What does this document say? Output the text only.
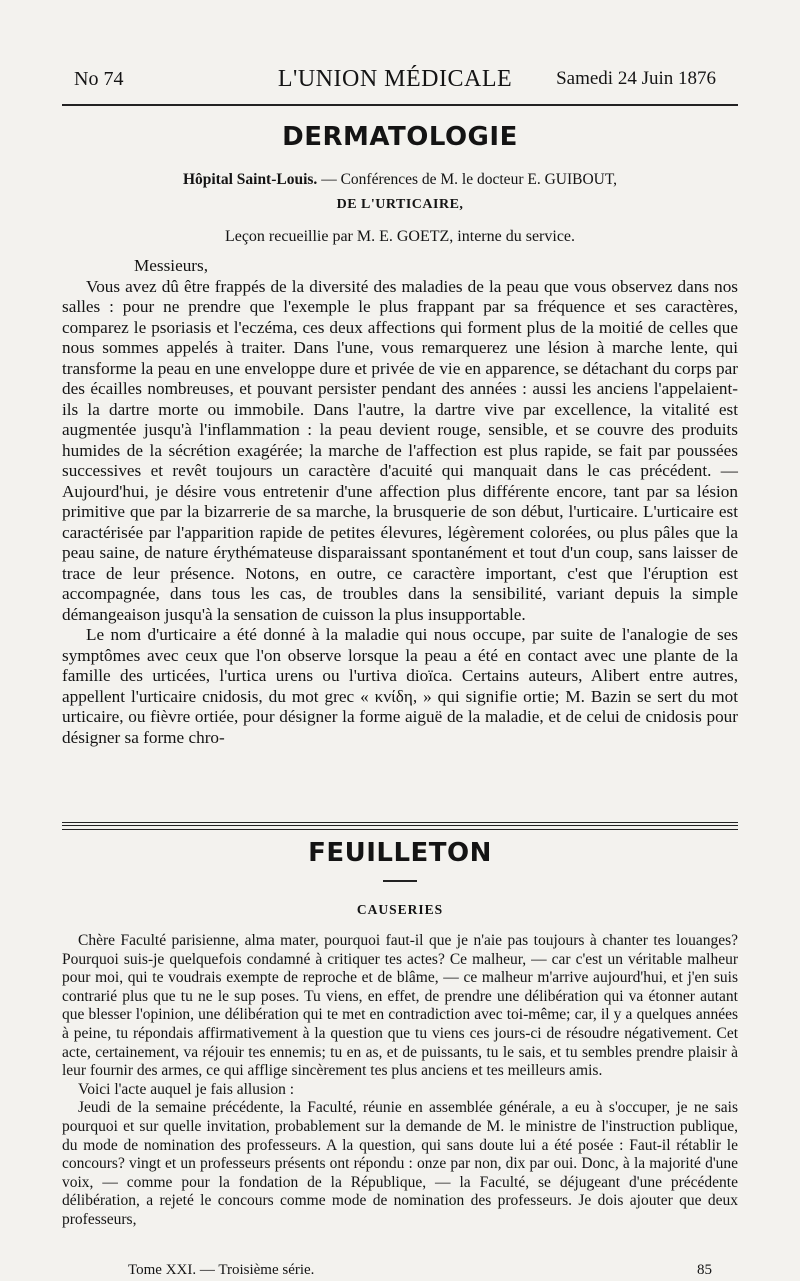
No 74	L'UNION MÉDICALE	Samedi 24 Juin 1876
DERMATOLOGIE
Hôpital Saint-Louis. — Conférences de M. le docteur E. GUIBOUT,
DE L'URTICAIRE,
Leçon recueillie par M. E. GOETZ, interne du service.

Messieurs,

Vous avez dû être frappés de la diversité des maladies de la peau que vous observez dans nos salles : pour ne prendre que l'exemple le plus frappant par sa fréquence et ses caractères, comparez le psoriasis et l'eczéma, ces deux affections qui forment plus de la moitié de celles que nous sommes appelés à traiter. Dans l'une, vous remarquerez une lésion à marche lente, qui transforme la peau en une enveloppe dure et privée de vie en apparence, se détachant du corps par des écailles nombreuses, et pouvant persister pendant des années : aussi les anciens l'appelaient-ils la dartre morte ou immobile. Dans l'autre, la dartre vive par excellence, la vitalité est augmentée jusqu'à l'inflammation : la peau devient rouge, sensible, et se couvre des produits humides de la sécrétion exagérée; la marche de l'affection est plus rapide, se fait par poussées successives et revêt toujours un caractère d'acuité qui manquait dans le cas précédent. — Aujourd'hui, je désire vous entretenir d'une affection plus différente encore, tant par sa lésion primitive que par la bizarrerie de sa marche, la brusquerie de son début, l'urticaire. L'urticaire est caractérisée par l'apparition rapide de petites élevures, légèrement colorées, ou plus pâles que la peau saine, de nature érythémateuse disparaissant spontanément et tout d'un coup, sans laisser de trace de leur présence. Notons, en outre, ce caractère important, c'est que l'éruption est accompagnée, dans tous les cas, de troubles dans la sensibilité, variant depuis la simple démangeaison jusqu'à la sensation de cuisson la plus insupportable.

Le nom d'urticaire a été donné à la maladie qui nous occupe, par suite de l'analogie de ses symptômes avec ceux que l'on observe lorsque la peau a été en contact avec une plante de la famille des urticées, l'urtica urens ou l'urtiva dioïca. Certains auteurs, Alibert entre autres, appellent l'urticaire cnidosis, du mot grec « κνίδη, » qui signifie ortie; M. Bazin se sert du mot urticaire, ou fièvre ortiée, pour désigner la forme aiguë de la maladie, et de celui de cnidosis pour désigner sa forme chro-

FEUILLETON
CAUSERIES

Chère Faculté parisienne, alma mater, pourquoi faut-il que je n'aie pas toujours à chanter tes louanges? Pourquoi suis-je quelquefois condamné à critiquer tes actes? Ce malheur, — car c'est un véritable malheur pour moi, qui te voudrais exempte de reproche et de blâme, — ce malheur m'arrive aujourd'hui, et j'en suis contrarié plus que tu ne le sup poses. Tu viens, en effet, de prendre une délibération qui va étonner autant que blesser l'opinion, une délibération qui te met en contradiction avec toi-même; car, il y a quelques années à peine, tu répondais affirmativement à la question que tu viens ces jours-ci de résoudre négativement. Cet acte, certainement, va réjouir tes ennemis; tu en as, et de puissants, tu le sais, et tu sembles prendre plaisir à leur fournir des armes, ce qui afflige sincèrement tes plus anciens et tes meilleurs amis.

Voici l'acte auquel je fais allusion :

Jeudi de la semaine précédente, la Faculté, réunie en assemblée générale, a eu à s'occuper, je ne sais pourquoi et sur quelle invitation, probablement sur la demande de M. le ministre de l'instruction publique, du mode de nomination des professeurs. A la question, qui sans doute lui a été posée : Faut-il rétablir le concours? vingt et un professeurs présents ont répondu : onze par non, dix par oui. Donc, à la majorité d'une voix, — comme pour la fondation de la République, — la Faculté, se déjugeant d'une précédente délibération, a rejeté le concours comme mode de nomination des professeurs. Je dois ajouter que deux professeurs,

Tome XXI. — Troisième série.	85
